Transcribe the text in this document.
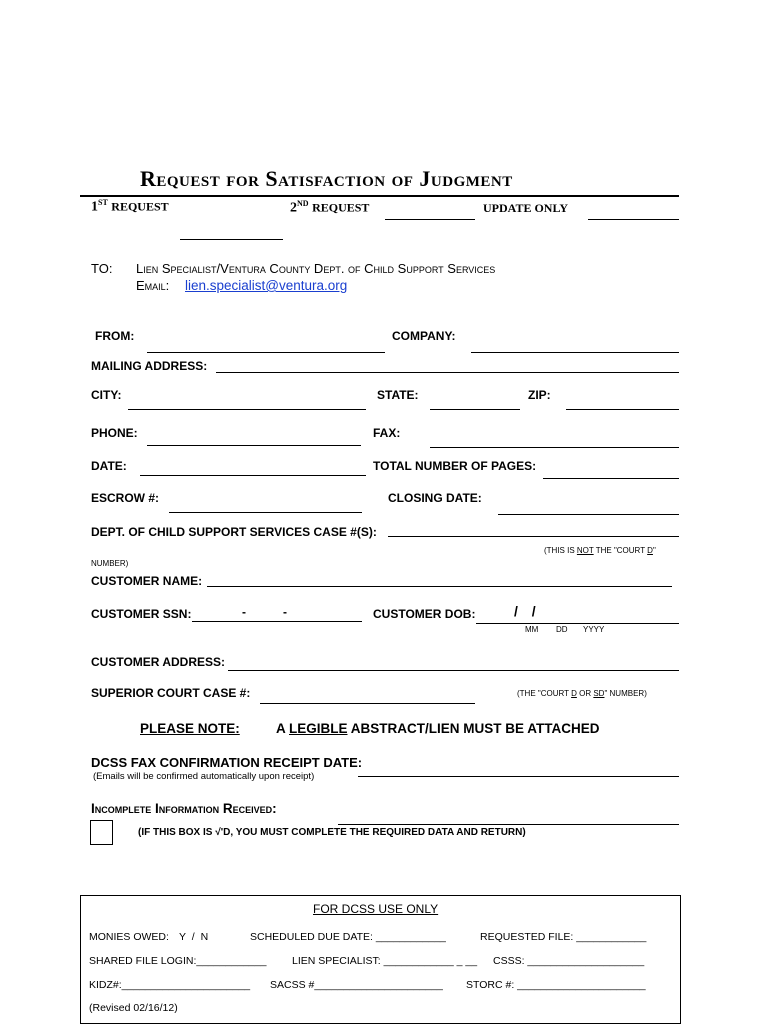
Request for Satisfaction of Judgment
1ST REQUEST	2ND REQUEST	UPDATE ONLY
TO: Lien Specialist/Ventura County Dept. of Child Support Services
Email: lien.specialist@ventura.org
FROM:	COMPANY:
MAILING ADDRESS:
CITY:	STATE:	ZIP:
PHONE:	FAX:
DATE:	TOTAL NUMBER OF PAGES:
ESCROW #:	CLOSING DATE:
DEPT. OF CHILD SUPPORT SERVICES CASE #(S):
(THIS IS NOT THE "COURT D"
NUMBER)
CUSTOMER NAME:
CUSTOMER SSN:	-	-	CUSTOMER DOB:	/ /
MM DD YYYY
CUSTOMER ADDRESS:
SUPERIOR COURT CASE #:	(THE "COURT D OR SD" NUMBER)
PLEASE NOTE:	A LEGIBLE ABSTRACT/LIEN MUST BE ATTACHED
DCSS FAX CONFIRMATION RECEIPT DATE:
(Emails will be confirmed automatically upon receipt)
Incomplete Information Received:
(IF THIS BOX IS √'D, YOU MUST COMPLETE THE REQUIRED DATA AND RETURN)
FOR DCSS USE ONLY
MONIES OWED: Y / N	SCHEDULED DUE DATE: ____________	REQUESTED FILE: ____________
SHARED FILE LOGIN:____________ LIEN SPECIALIST: ____________ _ __ CSSS: ____________________
KIDZ#:______________________ SACSS #______________________ STORC #: ______________________
(Revised 02/16/12)
